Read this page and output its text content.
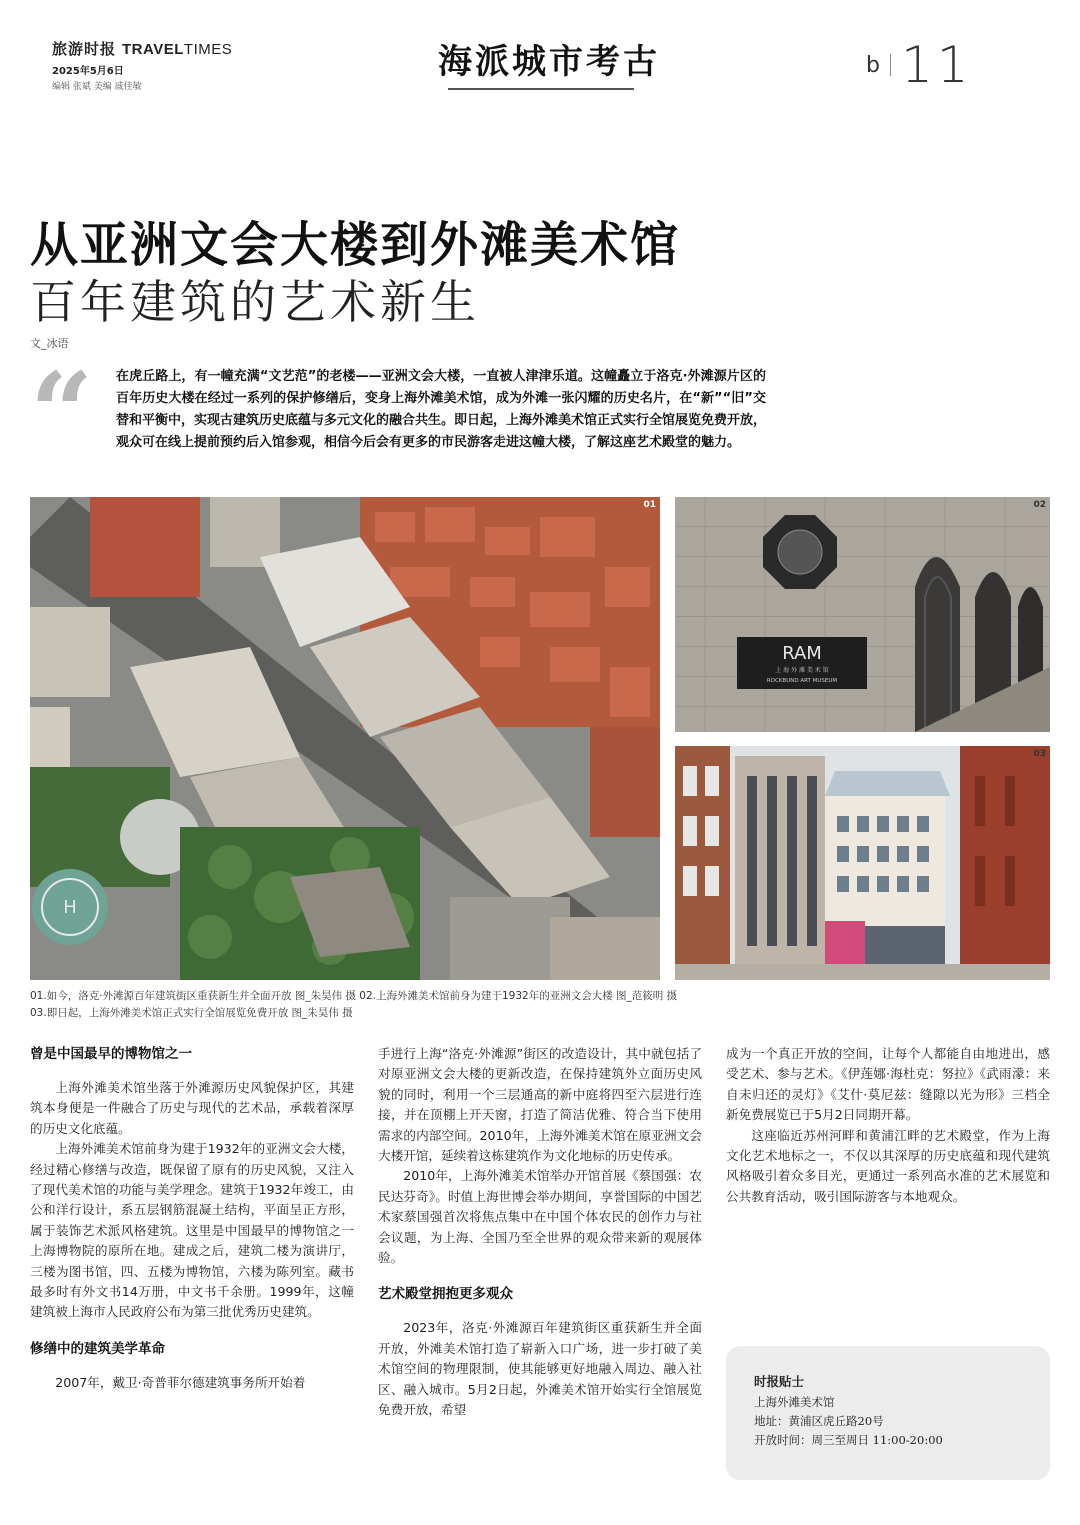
旅游时报 TRAVELTIMES
2025年5月6日
编辑 张斌 美编 戚佳敏
海派城市考古	b 11
从亚洲文会大楼到外滩美术馆
百年建筑的艺术新生
文_冰语
“ 在虎丘路上，有一幢充满“文艺范”的老楼——亚洲文会大楼，一直被人津津乐道。这幢矗立于洛克·外滩源片区的百年历史大楼在经过一系列的保护修缮后，变身上海外滩美术馆，成为外滩一张闪耀的历史名片，在“新”“旧”交替和平衡中，实现古建筑历史底蕴与多元文化的融合共生。即日起，上海外滩美术馆正式实行全馆展览免费开放，观众可在线上提前预约后入馆参观，相信今后会有更多的市民游客走进这幢大楼，了解这座艺术殿堂的魅力。

H
01
RAM
上 海 外 滩 美 术 馆
ROCKBUND ART MUSEUM
02
03
01.如今，洛克·外滩源百年建筑街区重获新生并全面开放 图_朱昊伟 摄 02.上海外滩美术馆前身为建于1932年的亚洲文会大楼 图_范筱明 摄
03.即日起，上海外滩美术馆正式实行全馆展览免费开放 图_朱昊伟 摄
曾是中国最早的博物馆之一

上海外滩美术馆坐落于外滩源历史风貌保护区，其建筑本身便是一件融合了历史与现代的艺术品，承载着深厚的历史文化底蕴。

上海外滩美术馆前身为建于1932年的亚洲文会大楼，经过精心修缮与改造，既保留了原有的历史风貌，又注入了现代美术馆的功能与美学理念。建筑于1932年竣工，由公和洋行设计，系五层钢筋混凝土结构，平面呈正方形，属于装饰艺术派风格建筑。这里是中国最早的博物馆之一上海博物院的原所在地。建成之后，建筑二楼为演讲厅，三楼为图书馆，四、五楼为博物馆，六楼为陈列室。藏书最多时有外文书14万册，中文书千余册。1999年，这幢建筑被上海市人民政府公布为第三批优秀历史建筑。

修缮中的建筑美学革命

2007年，戴卫·奇普菲尔德建筑事务所开始着

手进行上海“洛克·外滩源”街区的改造设计，其中就包括了对原亚洲文会大楼的更新改造，在保持建筑外立面历史风貌的同时，利用一个三层通高的新中庭将四至六层进行连接，并在顶棚上开天窗，打造了简洁优雅、符合当下使用需求的内部空间。2010年，上海外滩美术馆在原亚洲文会大楼开馆，延续着这栋建筑作为文化地标的历史传承。

2010年，上海外滩美术馆举办开馆首展《蔡国强：农民达芬奇》。时值上海世博会举办期间，享誉国际的中国艺术家蔡国强首次将焦点集中在中国个体农民的创作力与社会议题，为上海、全国乃至全世界的观众带来新的观展体验。

艺术殿堂拥抱更多观众

2023年，洛克·外滩源百年建筑街区重获新生并全面开放，外滩美术馆打造了崭新入口广场，进一步打破了美术馆空间的物理限制，使其能够更好地融入周边、融入社区、融入城市。5月2日起，外滩美术馆开始实行全馆展览免费开放，希望

成为一个真正开放的空间，让每个人都能自由地进出，感受艺术、参与艺术。《伊莲娜·海杜克：努拉》《武雨濛：来自未归还的灵灯》《艾什·莫尼兹：缝隙以光为形》三档全新免费展览已于5月2日同期开幕。

这座临近苏州河畔和黄浦江畔的艺术殿堂，作为上海文化艺术地标之一，不仅以其深厚的历史底蕴和现代建筑风格吸引着众多目光，更通过一系列高水准的艺术展览和公共教育活动，吸引国际游客与本地观众。

时报贴士
上海外滩美术馆
地址：黄浦区虎丘路20号
开放时间：周三至周日 11:00-20:00
